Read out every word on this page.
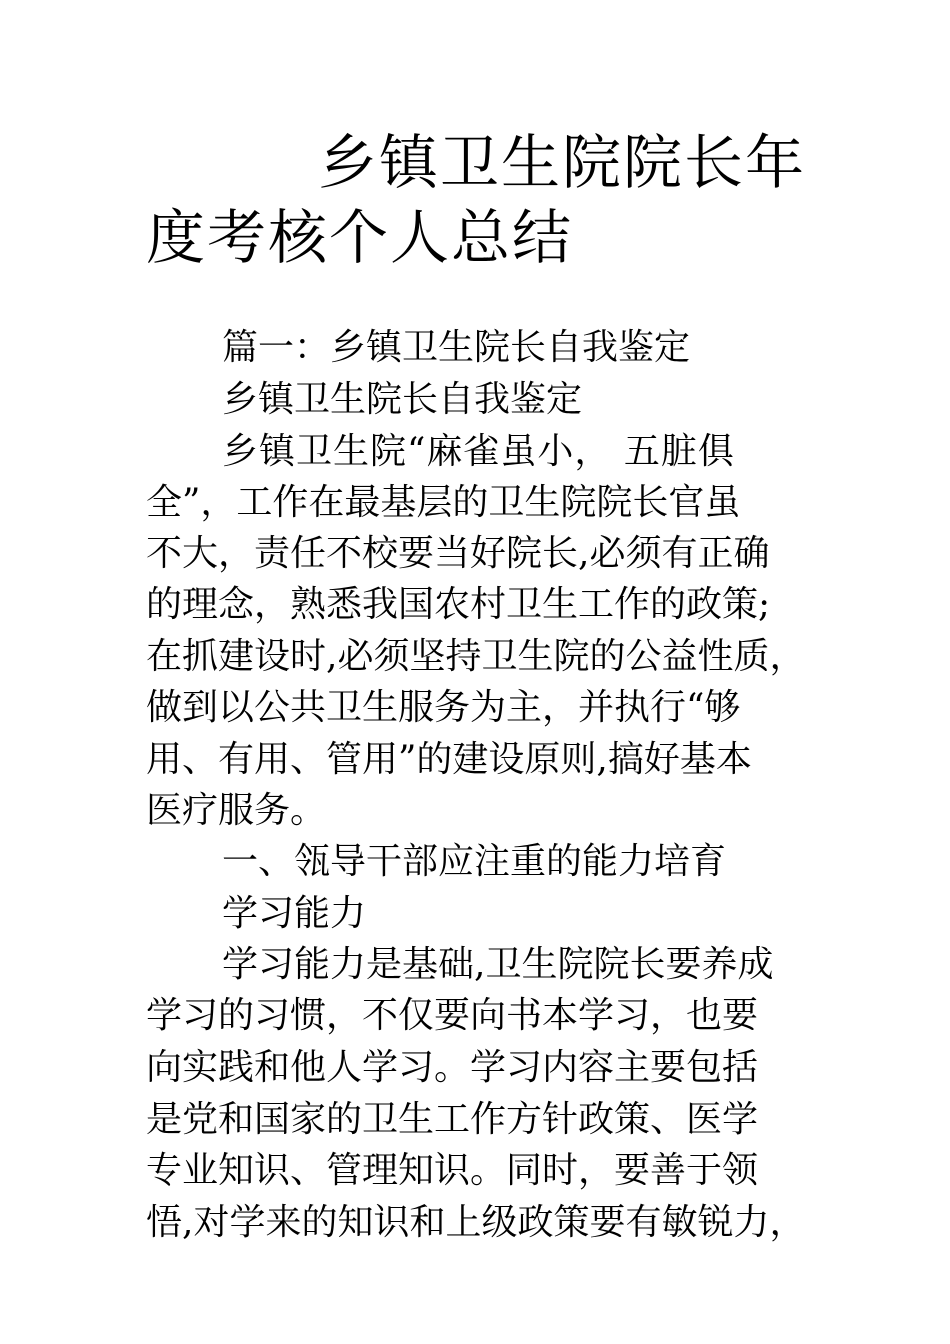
乡镇卫生院院长年
度考核个人总结
篇一：乡镇卫生院长自我鉴定
乡镇卫生院长自我鉴定
乡镇卫生院“麻雀虽小， 五脏俱
全”，工作在最基层的卫生院院长官虽
不大，责任不校要当好院长,必须有正确
的理念，熟悉我国农村卫生工作的政策;
在抓建设时,必须坚持卫生院的公益性质，
做到以公共卫生服务为主，并执行“够
用、有用、管用”的建设原则,搞好基本
医疗服务。
一、瓴导干部应注重的能力培育
学习能力
学习能力是基础,卫生院院长要养成
学习的习惯，不仅要向书本学习，也要
向实践和他人学习。学习内容主要包括
是党和国家的卫生工作方针政策、医学
专业知识、管理知识。同时，要善于领
悟,对学来的知识和上级政策要有敏锐力，
